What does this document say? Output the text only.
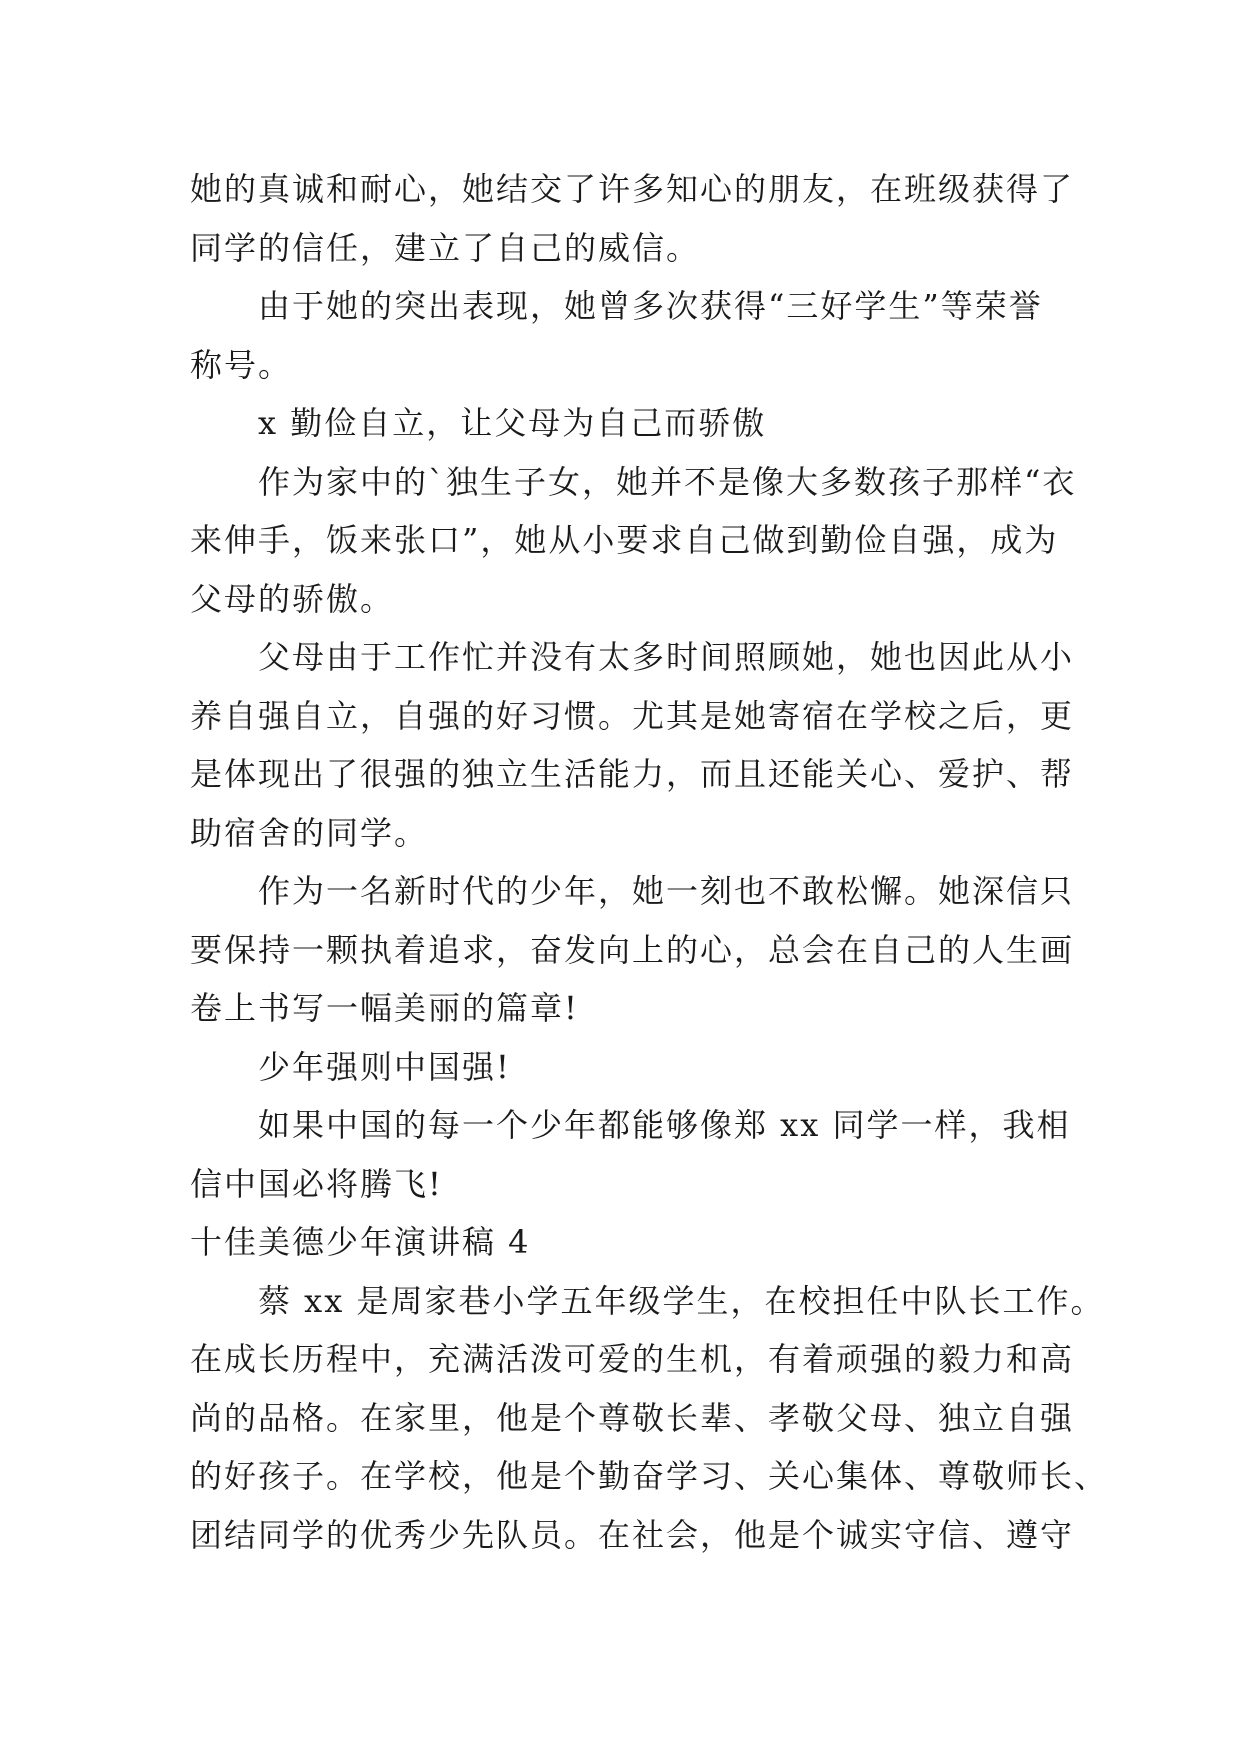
她的真诚和耐心，她结交了许多知心的朋友，在班级获得了
同学的信任，建立了自己的威信。
由于她的突出表现，她曾多次获得“三好学生”等荣誉
称号。
x 勤俭自立，让父母为自己而骄傲
作为家中的`独生子女，她并不是像大多数孩子那样“衣
来伸手，饭来张口”，她从小要求自己做到勤俭自强，成为
父母的骄傲。
父母由于工作忙并没有太多时间照顾她，她也因此从小
养自强自立，自强的好习惯。尤其是她寄宿在学校之后，更
是体现出了很强的独立生活能力，而且还能关心、爱护、帮
助宿舍的同学。
作为一名新时代的少年，她一刻也不敢松懈。她深信只
要保持一颗执着追求，奋发向上的心，总会在自己的人生画
卷上书写一幅美丽的篇章!
少年强则中国强!
如果中国的每一个少年都能够像郑 xx 同学一样，我相
信中国必将腾飞!
十佳美德少年演讲稿 4
蔡 xx 是周家巷小学五年级学生，在校担任中队长工作。
在成长历程中，充满活泼可爱的生机，有着顽强的毅力和高
尚的品格。在家里，他是个尊敬长辈、孝敬父母、独立自强
的好孩子。在学校，他是个勤奋学习、关心集体、尊敬师长、
团结同学的优秀少先队员。在社会，他是个诚实守信、遵守
